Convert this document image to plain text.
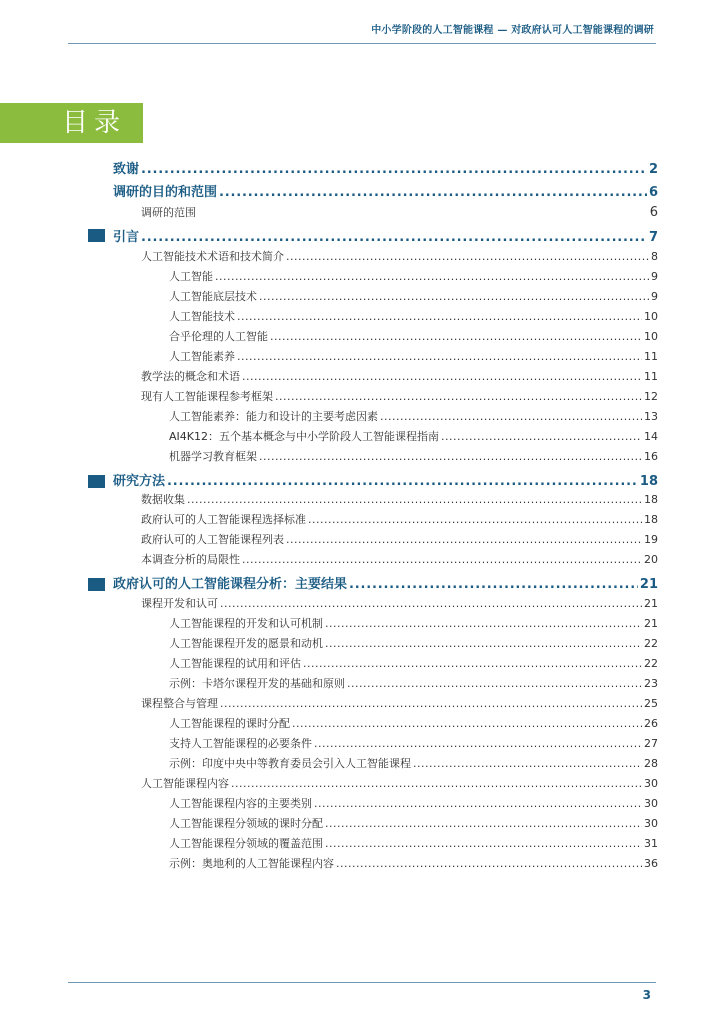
中小学阶段的人工智能课程 — 对政府认可人工智能课程的调研
目录
致谢 .....	2
调研的目的和范围 .....	6
调研的范围	6
引言 .....	7
人工智能技术术语和技术简介 .....	8
人工智能 .....	9
人工智能底层技术 .....	9
人工智能技术 .....	10
合乎伦理的人工智能 .....	10
人工智能素养 .....	11
教学法的概念和术语 .....	11
现有人工智能课程参考框架 .....	12
人工智能素养：能力和设计的主要考虑因素 .....	13
AI4K12：五个基本概念与中小学阶段人工智能课程指南 .....	14
机器学习教育框架 .....	16
研究方法 .....	18
数据收集 .....	18
政府认可的人工智能课程选择标准 .....	18
政府认可的人工智能课程列表 .....	19
本调查分析的局限性 .....	20
政府认可的人工智能课程分析：主要结果 .....	21
课程开发和认可 .....	21
人工智能课程的开发和认可机制 .....	21
人工智能课程开发的愿景和动机 .....	22
人工智能课程的试用和评估 .....	22
示例：卡塔尔课程开发的基础和原则 .....	23
课程整合与管理 .....	25
人工智能课程的课时分配 .....	26
支持人工智能课程的必要条件 .....	27
示例：印度中央中等教育委员会引入人工智能课程 .....	28
人工智能课程内容 .....	30
人工智能课程内容的主要类别 .....	30
人工智能课程分领域的课时分配 .....	30
人工智能课程分领域的覆盖范围 .....	31
示例：奥地利的人工智能课程内容 .....	36
3
